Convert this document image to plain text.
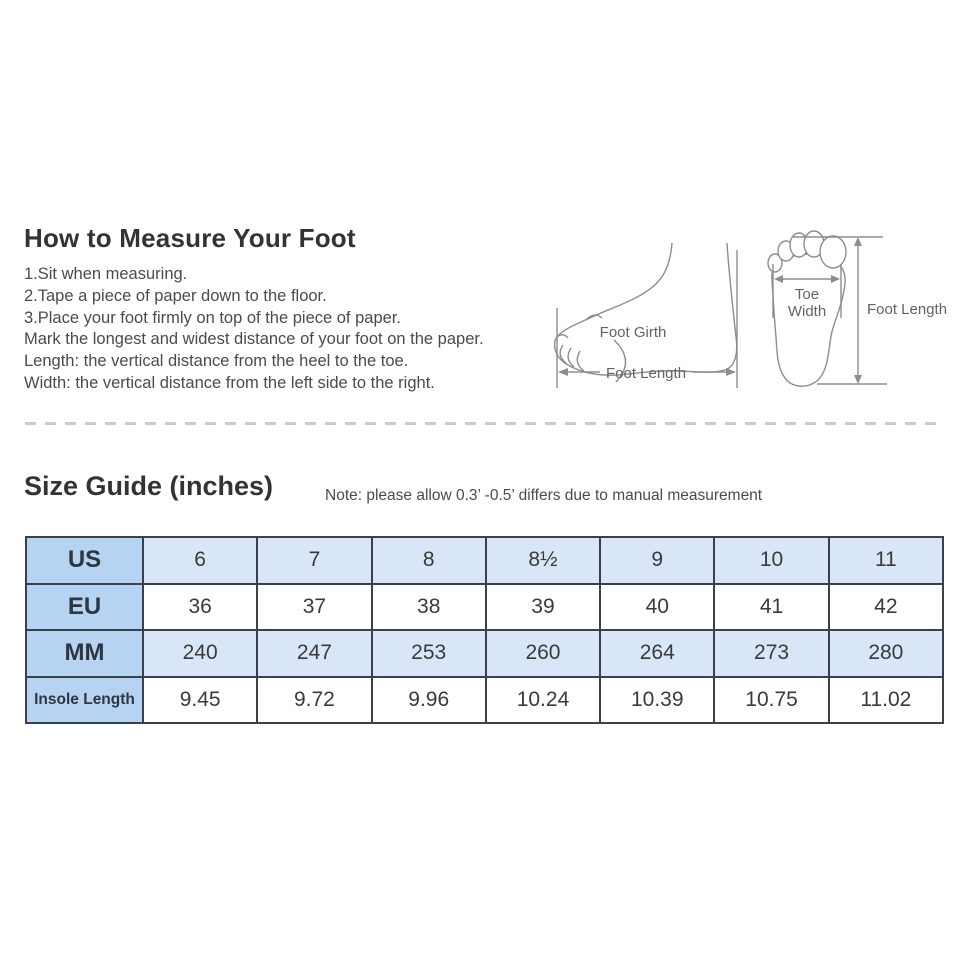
How to Measure Your Foot

1.Sit when measuring.

2.Tape a piece of paper down to the floor.

3.Place your foot firmly on top of the piece of paper.

Mark the longest and widest distance of your foot on the paper.

Length: the vertical distance from the heel to the toe.

Width: the vertical distance from the left side to the right.

Foot Girth
Foot Length
Toe
Width	Foot Length
Size Guide (inches)	Note: please allow 0.3’ -0.5’ differs due to manual measurement
US	6	7	8	8½	9	10	11
EU	36	37	38	39	40	41	42
MM	240	247	253	260	264	273	280
Insole Length	9.45	9.72	9.96	10.24	10.39	10.75	11.02
